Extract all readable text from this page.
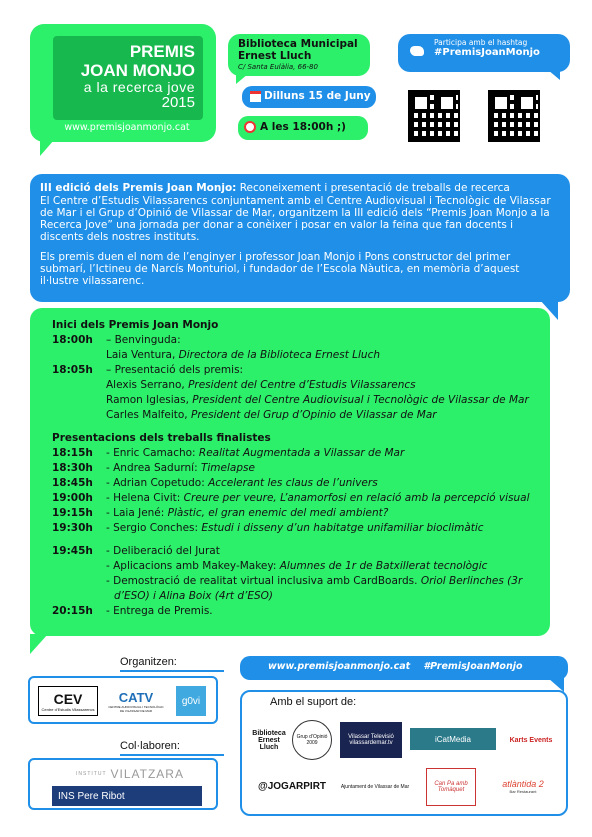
PREMIS
JOAN MONJO
a la recerca jove
2015
www.premisjoanmonjo.cat
Biblioteca Municipal
Ernest Lluch
C/ Santa Eulàlia, 66-80
Dilluns 15 de Juny
A les 18:00h ;)
Participa amb el hashtag
#PremisJoanMonjo
III edició dels Premis Joan Monjo: Reconeixement i presentació de treballs de recerca

El Centre d’Estudis Vilassarencs conjuntament amb el Centre Audiovisual i Tecnològic de Vilassar de Mar i el Grup d’Opinió de Vilassar de Mar, organitzem la III edició dels “Premis Joan Monjo a la Recerca Jove” una jornada per donar a conèixer i posar en valor la feina que fan docents i discents dels nostres instituts.

Els premis duen el nom de l’enginyer i professor Joan Monjo i Pons constructor del primer submarí, l’Ictineu de Narcís Monturiol, i fundador de l’Escola Nàutica, en memòria d’aquest il·lustre vilassarenc.

Inici dels Premis Joan Monjo
18:00h	– Benvinguda:
Laia Ventura, Directora de la Biblioteca Ernest Lluch
18:05h	– Presentació dels premis:
Alexis Serrano, President del Centre d’Estudis Vilassarencs
Ramon Iglesias, President del Centre Audiovisual i Tecnològic de Vilassar de Mar
Carles Malfeito, President del Grup d’Opinio de Vilassar de Mar
Presentacions dels treballs finalistes
18:15h	- Enric Camacho: Realitat Augmentada a Vilassar de Mar
18:30h	- Andrea Sadurní: Timelapse
18:45h	- Adrian Copetudo: Accelerant les claus de l’univers
19:00h	- Helena Civit: Creure per veure, L’anamorfosi en relació amb la percepció visual
19:15h	- Laia Jené: Plàstic, el gran enemic del medi ambient?
19:30h	- Sergio Conches: Estudi i disseny d’un habitatge unifamiliar bioclimàtic
19:45h	- Deliberació del Jurat
- Aplicacions amb Makey-Makey: Alumnes de 1r de Batxillerat tecnològic
- Demostració de realitat virtual inclusiva amb CardBoards. Oriol Berlinches (3r
d’ESO) i Alina Boix (4rt d’ESO)
20:15h	- Entrega de Premis.
Organitzen:
CEV
Centre d’Estudis Vilassarencs
CATV
CENTRE AUDIOVISUAL I TECNOLÒGIC DE VILASSAR DE MAR
g0vi
Col·laboren:
INSTITUT VILATZARA
INS Pere Ribot
www.premisjoanmonjo.cat #PremisJoanMonjo
Amb el suport de:
Biblioteca Ernest Lluch
Grup d’Opinió 2009
Vilassar Televisió
vilassardemar.tv	iCatMedia	Karts Events
@JOGARPIRT	Ajuntament de Vilassar de Mar	Can Pa amb Tomàquet
atlàntida 2
Bar Restaurant
